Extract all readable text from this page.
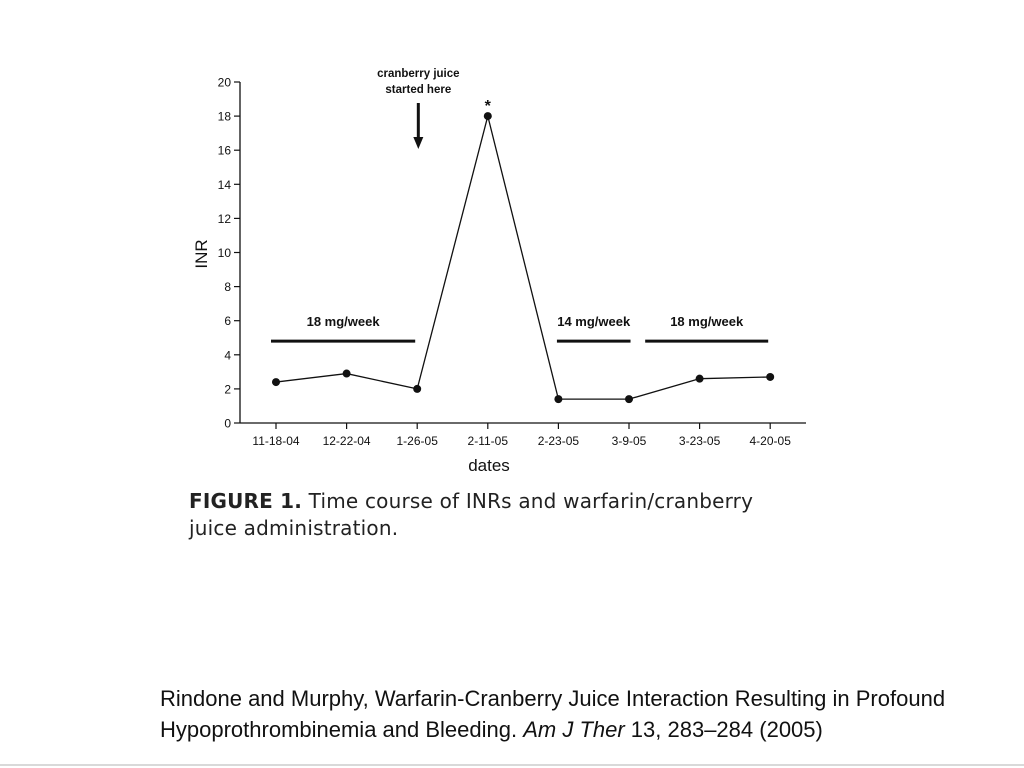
0
2
4
6
8
10
12
14
16
18
20
11-18-04 12-22-04 1-26-05 2-11-05 2-23-05	3-9-05	3-23-05 4-20-05
dates
INR
18 mg/week	14 mg/week	18 mg/week
cranberry juice
started here
*
FIGURE 1. Time course of INRs and warfarin/cranberry
juice administration.
Rindone and Murphy, Warfarin-Cranberry Juice Interaction Resulting in Profound
Hypoprothrombinemia and Bleeding. Am J Ther 13, 283–284 (2005)
